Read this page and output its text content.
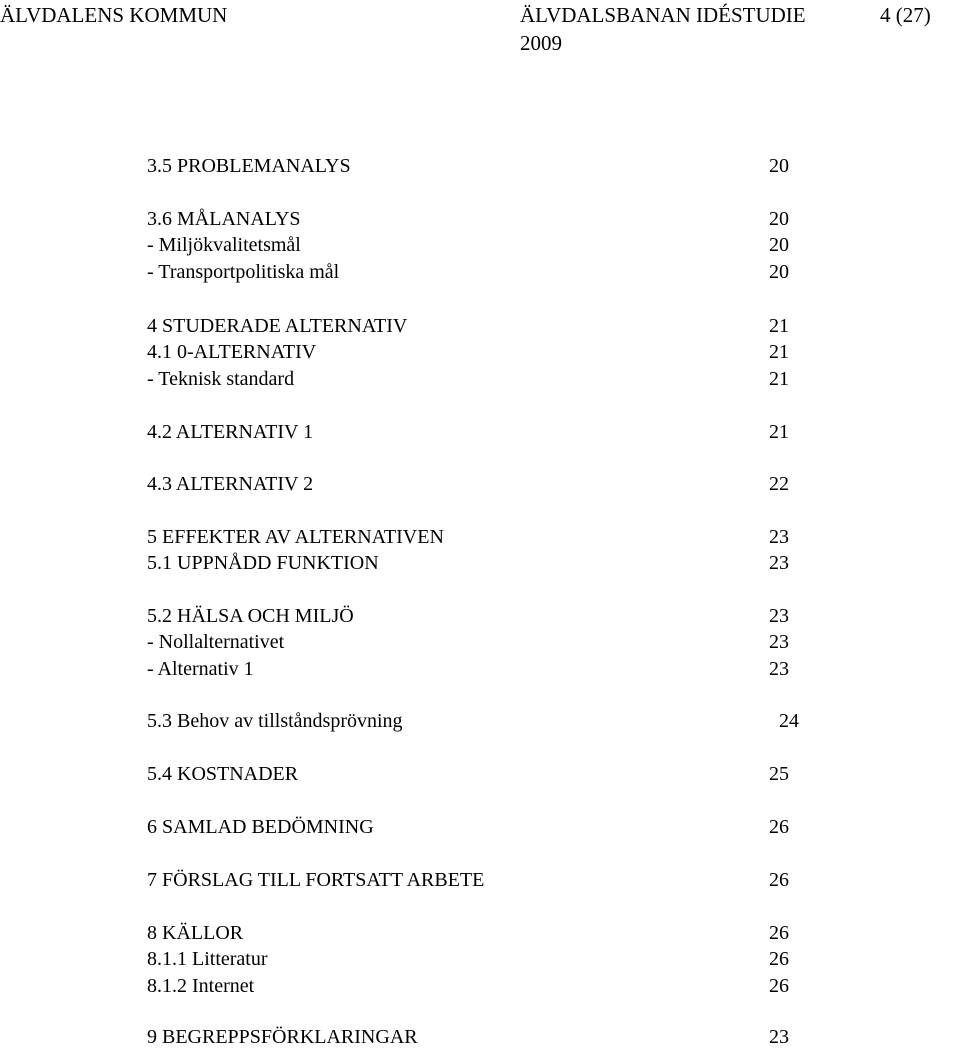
ÄLVDALENS KOMMUN	ÄLVDALSBANAN IDÉSTUDIE
2009
4 (27)
3.5 PROBLEMANALYS	20
3.6 MÅLANALYS	20
- Miljökvalitetsmål	20
- Transportpolitiska mål	20
4 STUDERADE ALTERNATIV	21
4.1 0-ALTERNATIV	21
- Teknisk standard	21
4.2 ALTERNATIV 1	21
4.3 ALTERNATIV 2	22
5 EFFEKTER AV ALTERNATIVEN	23
5.1 UPPNÅDD FUNKTION	23
5.2 HÄLSA OCH MILJÖ	23
- Nollalternativet	23
- Alternativ 1	23
5.3 Behov av tillståndsprövning	24
5.4 KOSTNADER	25
6 SAMLAD BEDÖMNING	26
7 FÖRSLAG TILL FORTSATT ARBETE	26
8 KÄLLOR	26
8.1.1 Litteratur	26
8.1.2 Internet	26
9 BEGREPPSFÖRKLARINGAR	23
